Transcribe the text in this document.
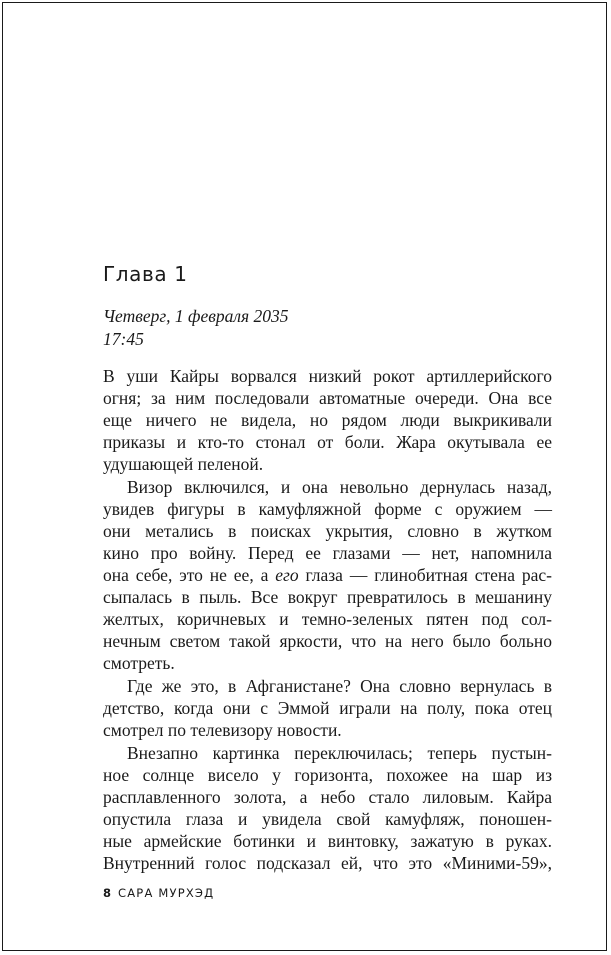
Глава 1
Четверг, 1 февраля 2035
17:45
В уши Кайры ворвался низкий рокот артиллерийского
огня; за ним последовали автоматные очереди. Она все
еще ничего не видела, но рядом люди выкрикивали
приказы и кто-то стонал от боли. Жара окутывала ее
удушающей пеленой.
Визор включился, и она невольно дернулась назад,
увидев фигуры в камуфляжной форме с оружием —
они метались в поисках укрытия, словно в жутком
кино про войну. Перед ее глазами — нет, напомнила
она себе, это не ее, а его глаза — глинобитная стена рас-
сыпалась в пыль. Все вокруг превратилось в мешанину
желтых, коричневых и темно-зеленых пятен под сол-
нечным светом такой яркости, что на него было больно
смотреть.
Где же это, в Афганистане? Она словно вернулась в
детство, когда они с Эммой играли на полу, пока отец
смотрел по телевизору новости.
Внезапно картинка переключилась; теперь пустын-
ное солнце висело у горизонта, похожее на шар из
расплавленного золота, а небо стало лиловым. Кайра
опустила глаза и увидела свой камуфляж, поношен-
ные армейские ботинки и винтовку, зажатую в руках.
Внутренний голос подсказал ей, что это «Миними-59»,
8 САРА МУРХЭД
